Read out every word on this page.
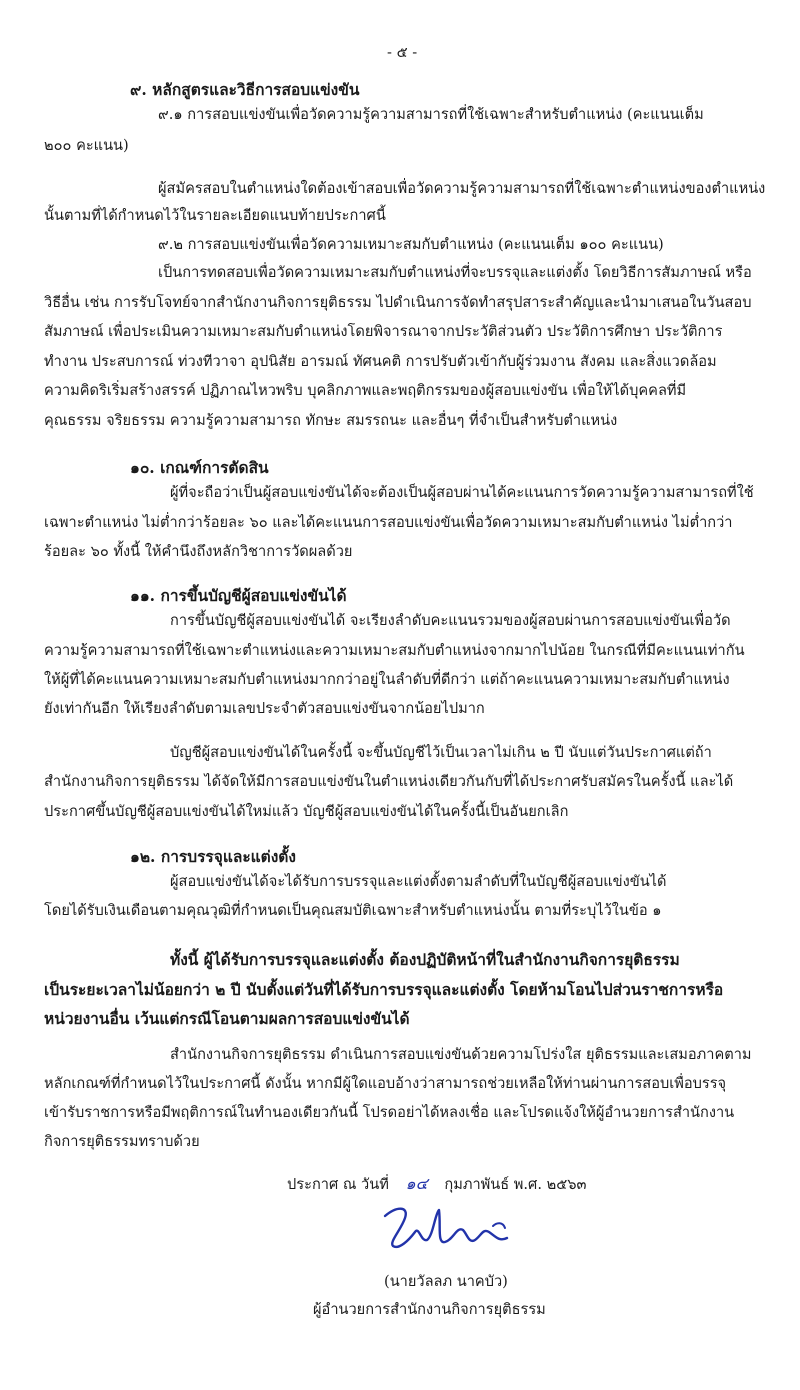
- ๕ -
๙. หลักสูตรและวิธีการสอบแข่งขัน
๙.๑ การสอบแข่งขันเพื่อวัดความรู้ความสามารถที่ใช้เฉพาะสำหรับตำแหน่ง (คะแนนเต็ม
๒๐๐ คะแนน)
ผู้สมัครสอบในตำแหน่งใดต้องเข้าสอบเพื่อวัดความรู้ความสามารถที่ใช้เฉพาะตำแหน่งของตำแหน่ง
นั้นตามที่ได้กำหนดไว้ในรายละเอียดแนบท้ายประกาศนี้
๙.๒ การสอบแข่งขันเพื่อวัดความเหมาะสมกับตำแหน่ง (คะแนนเต็ม ๑๐๐ คะแนน)
เป็นการทดสอบเพื่อวัดความเหมาะสมกับตำแหน่งที่จะบรรจุและแต่งตั้ง โดยวิธีการสัมภาษณ์ หรือ
วิธีอื่น เช่น การรับโจทย์จากสำนักงานกิจการยุติธรรม ไปดำเนินการจัดทำสรุปสาระสำคัญและนำมาเสนอในวันสอบ
สัมภาษณ์ เพื่อประเมินความเหมาะสมกับตำแหน่งโดยพิจารณาจากประวัติส่วนตัว ประวัติการศึกษา ประวัติการ
ทำงาน ประสบการณ์ ท่วงทีวาจา อุปนิสัย อารมณ์ ทัศนคติ การปรับตัวเข้ากับผู้ร่วมงาน สังคม และสิ่งแวดล้อม
ความคิดริเริ่มสร้างสรรค์ ปฏิภาณไหวพริบ บุคลิกภาพและพฤติกรรมของผู้สอบแข่งขัน เพื่อให้ได้บุคคลที่มี
คุณธรรม จริยธรรม ความรู้ความสามารถ ทักษะ สมรรถนะ และอื่นๆ ที่จำเป็นสำหรับตำแหน่ง
๑๐. เกณฑ์การตัดสิน
ผู้ที่จะถือว่าเป็นผู้สอบแข่งขันได้จะต้องเป็นผู้สอบผ่านได้คะแนนการวัดความรู้ความสามารถที่ใช้
เฉพาะตำแหน่ง ไม่ต่ำกว่าร้อยละ ๖๐ และได้คะแนนการสอบแข่งขันเพื่อวัดความเหมาะสมกับตำแหน่ง ไม่ต่ำกว่า
ร้อยละ ๖๐ ทั้งนี้ ให้คำนึงถึงหลักวิชาการวัดผลด้วย
๑๑. การขึ้นบัญชีผู้สอบแข่งขันได้
การขึ้นบัญชีผู้สอบแข่งขันได้ จะเรียงลำดับคะแนนรวมของผู้สอบผ่านการสอบแข่งขันเพื่อวัด
ความรู้ความสามารถที่ใช้เฉพาะตำแหน่งและความเหมาะสมกับตำแหน่งจากมากไปน้อย ในกรณีที่มีคะแนนเท่ากัน
ให้ผู้ที่ได้คะแนนความเหมาะสมกับตำแหน่งมากกว่าอยู่ในลำดับที่ดีกว่า แต่ถ้าคะแนนความเหมาะสมกับตำแหน่ง
ยังเท่ากันอีก ให้เรียงลำดับตามเลขประจำตัวสอบแข่งขันจากน้อยไปมาก
บัญชีผู้สอบแข่งขันได้ในครั้งนี้ จะขึ้นบัญชีไว้เป็นเวลาไม่เกิน ๒ ปี นับแต่วันประกาศแต่ถ้า
สำนักงานกิจการยุติธรรม ได้จัดให้มีการสอบแข่งขันในตำแหน่งเดียวกันกับที่ได้ประกาศรับสมัครในครั้งนี้ และได้
ประกาศขึ้นบัญชีผู้สอบแข่งขันได้ใหม่แล้ว บัญชีผู้สอบแข่งขันได้ในครั้งนี้เป็นอันยกเลิก
๑๒. การบรรจุและแต่งตั้ง
ผู้สอบแข่งขันได้จะได้รับการบรรจุและแต่งตั้งตามลำดับที่ในบัญชีผู้สอบแข่งขันได้
โดยได้รับเงินเดือนตามคุณวุฒิที่กำหนดเป็นคุณสมบัติเฉพาะสำหรับตำแหน่งนั้น ตามที่ระบุไว้ในข้อ ๑
ทั้งนี้ ผู้ได้รับการบรรจุและแต่งตั้ง ต้องปฏิบัติหน้าที่ในสำนักงานกิจการยุติธรรม
เป็นระยะเวลาไม่น้อยกว่า ๒ ปี นับตั้งแต่วันที่ได้รับการบรรจุและแต่งตั้ง โดยห้ามโอนไปส่วนราชการหรือ
หน่วยงานอื่น เว้นแต่กรณีโอนตามผลการสอบแข่งขันได้
สำนักงานกิจการยุติธรรม ดำเนินการสอบแข่งขันด้วยความโปร่งใส ยุติธรรมและเสมอภาคตาม
หลักเกณฑ์ที่กำหนดไว้ในประกาศนี้ ดังนั้น หากมีผู้ใดแอบอ้างว่าสามารถช่วยเหลือให้ท่านผ่านการสอบเพื่อบรรจุ
เข้ารับราชการหรือมีพฤติการณ์ในทำนองเดียวกันนี้ โปรดอย่าได้หลงเชื่อ และโปรดแจ้งให้ผู้อำนวยการสำนักงาน
กิจการยุติธรรมทราบด้วย
ประกาศ ณ วันที่ ๑๔ กุมภาพันธ์ พ.ศ. ๒๕๖๓
(นายวัลลภ นาคบัว)
ผู้อำนวยการสำนักงานกิจการยุติธรรม
